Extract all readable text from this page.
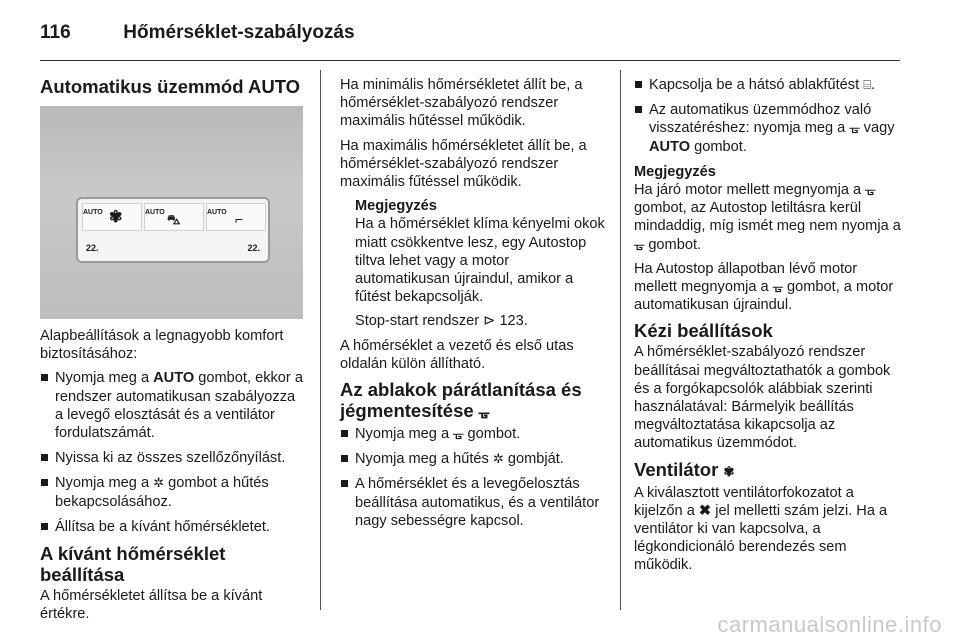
116	Hőmérséklet-szabályozás
Automatikus üzemmód AUTO
AUTO ✾	AUTO ⛍	AUTO ⌐
22.	22.

Alapbeállítások a legnagyobb komfort biztosításához:

Nyomja meg a AUTO gombot, ekkor a rendszer automatikusan szabályozza a levegő elosztását és a ventilátor fordulatszámát.
Nyissa ki az összes szellőzőnyílást.
Nyomja meg a ✲ gombot a hűtés bekapcsolásához.
Állítsa be a kívánt hőmérsékletet.
A kívánt hőmérséklet beállítása

A hőmérsékletet állítsa be a kívánt értékre.

Ha minimális hőmérsékletet állít be, a hőmérséklet-szabályozó rendszer maximális hűtéssel működik.

Ha maximális hőmérsékletet állít be, a hőmérséklet-szabályozó rendszer maximális fűtéssel működik.

Megjegyzés

Ha a hőmérséklet klíma kényelmi okok miatt csökkentve lesz, egy Autostop tiltva lehet vagy a motor automatikusan újraindul, amikor a fűtést bekapcsolják.

Stop-start rendszer ⊳ 123.

A hőmérséklet a vezető és első utas oldalán külön állítható.

Az ablakok párátlanítása és jégmentesítése ᚗ
Nyomja meg a ᚗ gombot.
Nyomja meg a hűtés ✲ gombját.
A hőmérséklet és a levegőelosztás beállítása automatikus, és a ventilátor nagy sebességre kapcsol.
Kapcsolja be a hátsó ablakfűtést ⌸.
Az automatikus üzemmódhoz való visszatéréshez: nyomja meg a ᚗ vagy AUTO gombot.
Megjegyzés

Ha járó motor mellett megnyomja a ᚗ gombot, az Autostop letiltásra kerül mindaddig, míg ismét meg nem nyomja a ᚗ gombot.

Ha Autostop állapotban lévő motor mellett megnyomja a ᚗ gombot, a motor automatikusan újraindul.

Kézi beállítások

A hőmérséklet-szabályozó rendszer beállításai megváltoztathatók a gombok és a forgókapcsolók alábbiak szerinti használatával: Bármelyik beállítás megváltoztatása kikapcsolja az automatikus üzemmódot.

Ventilátor ✾

A kiválasztott ventilátorfokozatot a kijelzőn a ✖ jel melletti szám jelzi. Ha a ventilátor ki van kapcsolva, a légkondicionáló berendezés sem működik.

carmanualsonline.info
